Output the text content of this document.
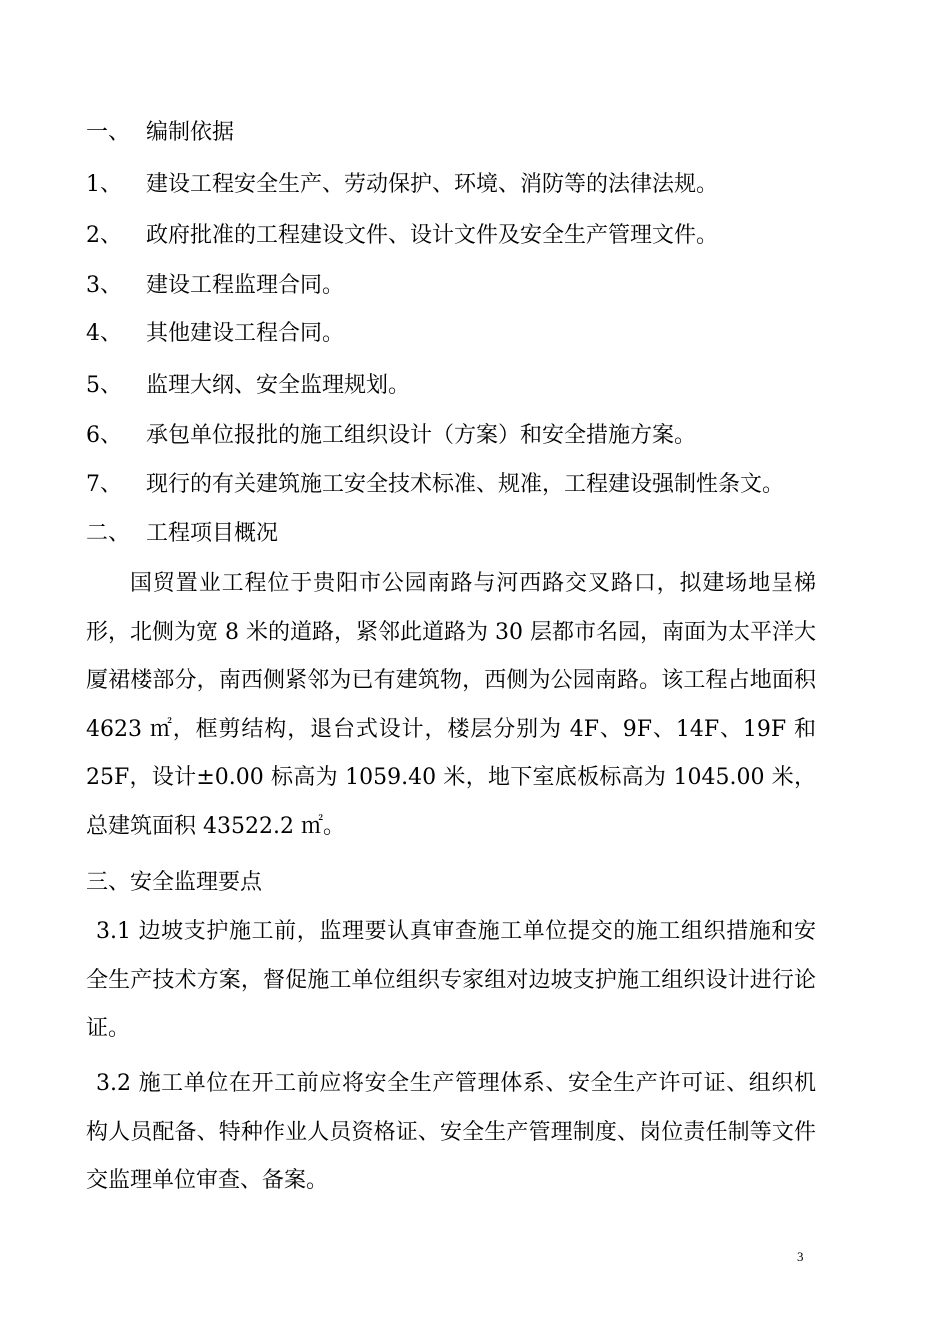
一、 编制依据
1、 建设工程安全生产、劳动保护、环境、消防等的法律法规。
2、 政府批准的工程建设文件、设计文件及安全生产管理文件。
3、 建设工程监理合同。
4、 其他建设工程合同。
5、 监理大纲、安全监理规划。
6、 承包单位报批的施工组织设计（方案）和安全措施方案。
7、 现行的有关建筑施工安全技术标准、规准，工程建设强制性条文。
二、 工程项目概况
国贸置业工程位于贵阳市公园南路与河西路交叉路口，拟建场地呈梯形，北侧为宽 8 米的道路，紧邻此道路为 30 层都市名园，南面为太平洋大厦裙楼部分，南西侧紧邻为已有建筑物，西侧为公园南路。该工程占地面积 4623 ㎡，框剪结构，退台式设计，楼层分别为 4F、9F、14F、19F 和 25F，设计±0.00 标高为 1059.40 米，地下室底板标高为 1045.00 米，总建筑面积 43522.2 ㎡。
三、安全监理要点
3.1 边坡支护施工前，监理要认真审查施工单位提交的施工组织措施和安全生产技术方案，督促施工单位组织专家组对边坡支护施工组织设计进行论证。
3.2 施工单位在开工前应将安全生产管理体系、安全生产许可证、组织机构人员配备、特种作业人员资格证、安全生产管理制度、岗位责任制等文件交监理单位审查、备案。
3
